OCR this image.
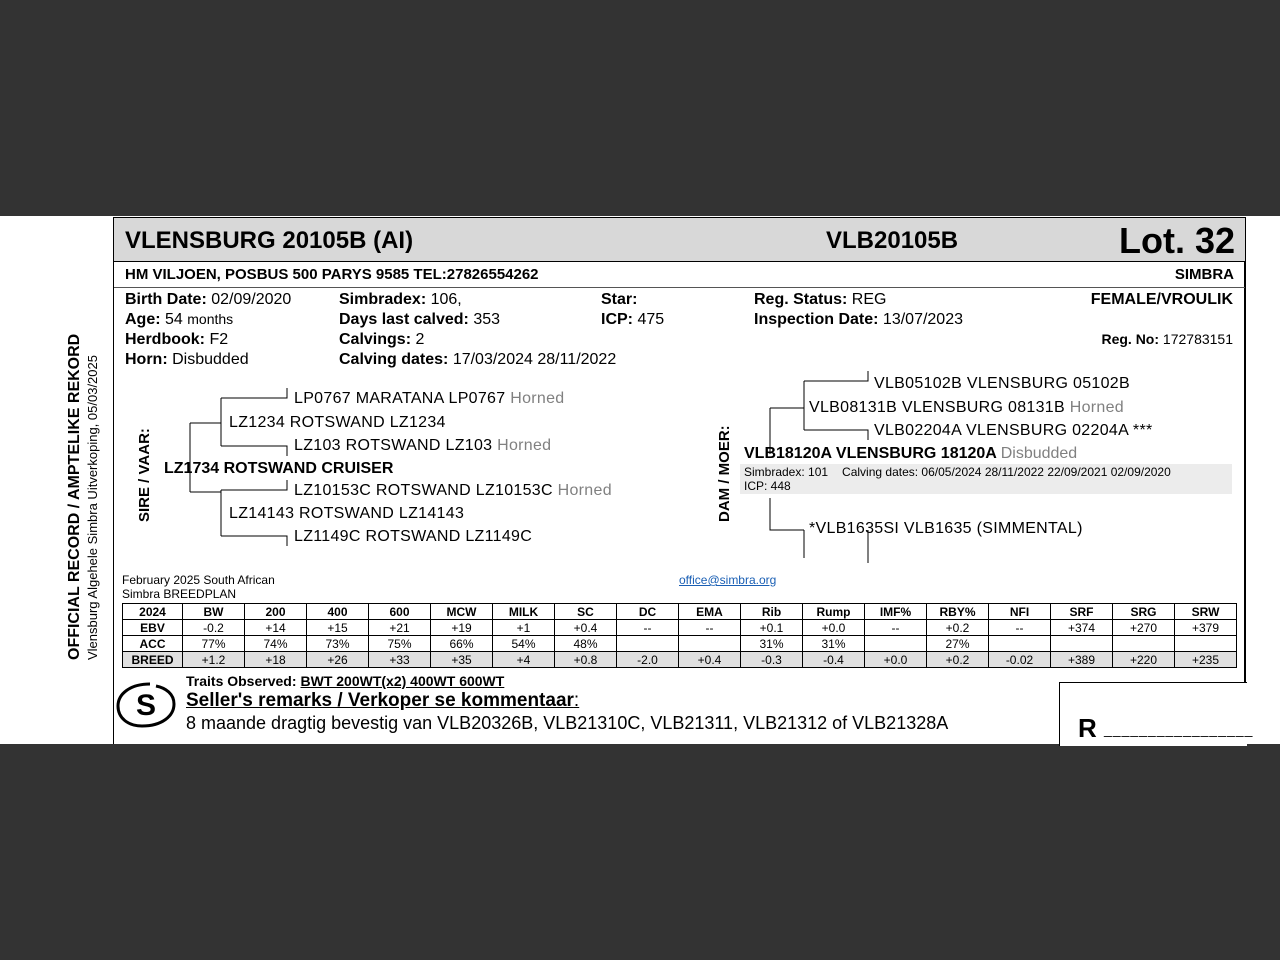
OFFICIAL RECORD / AMPTELIKE REKORD Vlensburg Algehele Simbra Uitverkoping, 05/03/2025
VLENSBURG 20105B (AI)	VLB20105B	Lot. 32
HM VILJOEN, POSBUS 500 PARYS 9585 TEL:27826554262	SIMBRA
Birth Date: 02/09/2020
Age: 54 months
Herdbook: F2
Horn: Disbudded
Simbradex: 106,
Days last calved: 353
Calvings: 2
Calving dates: 17/03/2024 28/11/2022
Star:
ICP: 475
Reg. Status: REG
Inspection Date: 13/07/2023
FEMALE/VROULIK
Reg. No: 172783151
SIRE / VAAR:	DAM / MOER:
LP0767 MARATANA LP0767 Horned
LZ1234 ROTSWAND LZ1234
LZ103 ROTSWAND LZ103 Horned
LZ1734 ROTSWAND CRUISER
LZ10153C ROTSWAND LZ10153C Horned
LZ14143 ROTSWAND LZ14143
LZ1149C ROTSWAND LZ1149C
VLB05102B VLENSBURG 05102B
VLB08131B VLENSBURG 08131B Horned
VLB02204A VLENSBURG 02204A ***
VLB18120A VLENSBURG 18120A Disbudded
Simbradex: 101 Calving dates: 06/05/2024 28/11/2022 22/09/2021 02/09/2020
ICP: 448
*VLB1635SI VLB1635 (SIMMENTAL)
February 2025 South African
Simbra BREEDPLAN
office@simbra.org
2024	BW	200	400	600	MCW	MILK	SC	DC	EMA	Rib	Rump	IMF%	RBY%	NFI	SRF	SRG	SRW
EBV	-0.2	+14	+15	+21	+19	+1	+0.4	--	--	+0.1	+0.0	--	+0.2	--	+374	+270	+379
ACC	77%	74%	73%	75%	66%	54%	48%			31%	31%		27%				
BREED	+1.2	+18	+26	+33	+35	+4	+0.8	-2.0	+0.4	-0.3	-0.4	+0.0	+0.2	-0.02	+389	+220	+235
S
Traits Observed: BWT 200WT(x2) 400WT 600WT
Seller's remarks / Verkoper se kommentaar:
8 maande dragtig bevestig van VLB20326B, VLB21310C, VLB21311, VLB21312 of VLB21328A	R _________________
